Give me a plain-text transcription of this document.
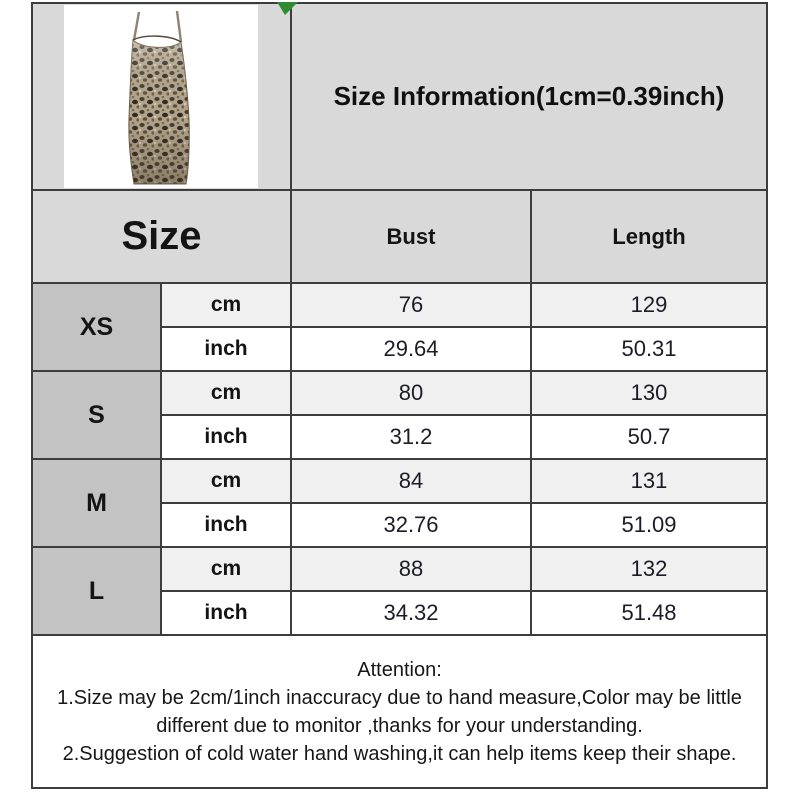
	Size Information(1cm=0.39inch)	
Size		Bust	Length
XS	cm	76	129
	inch	29.64	50.31
S	cm	80	130
	inch	31.2	50.7
M	cm	84	131
	inch	32.76	51.09
L	cm	88	132
	inch	34.32	51.48

Attention:
1.Size may be 2cm/1inch inaccuracy due to hand measure,Color may be little different due to monitor ,thanks for your understanding.
2.Suggestion of cold water hand washing,it can help items keep their shape.			
